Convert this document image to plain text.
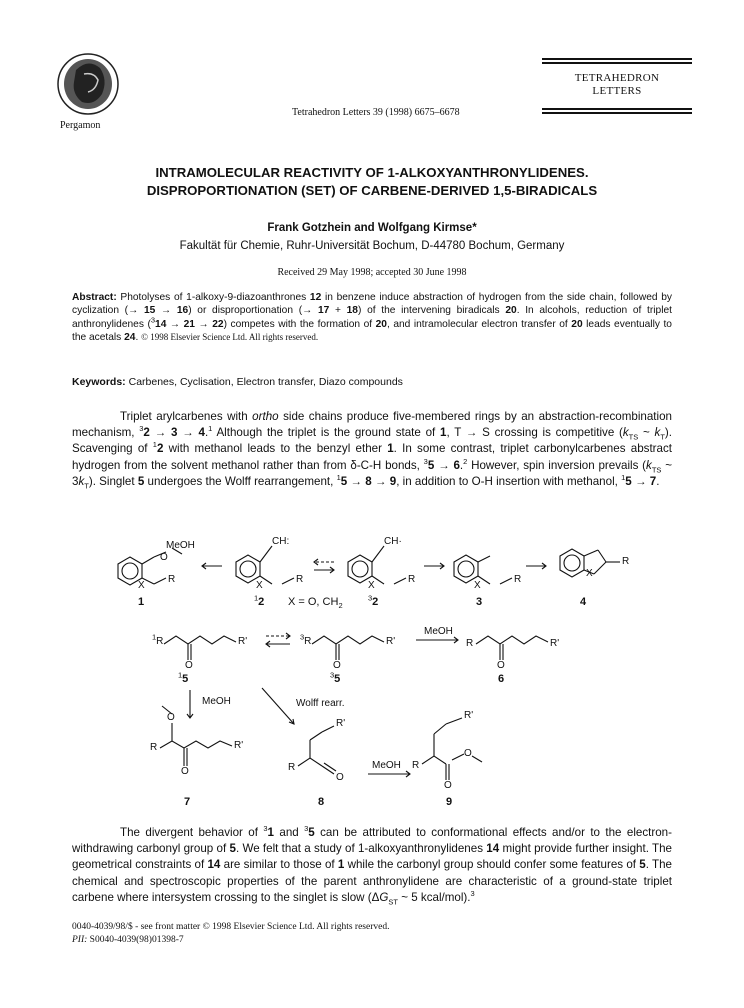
Pergamon
Tetrahedron Letters 39 (1998) 6675–6678
TETRAHEDRON
LETTERS
INTRAMOLECULAR REACTIVITY OF 1-ALKOXYANTHRONYLIDENES.
DISPROPORTIONATION (SET) OF CARBENE-DERIVED 1,5-BIRADICALS
Frank Gotzhein and Wolfgang Kirmse*
Fakultät für Chemie, Ruhr-Universität Bochum, D-44780 Bochum, Germany
Received 29 May 1998; accepted 30 June 1998
Abstract: Photolyses of 1-alkoxy-9-diazoanthrones 12 in benzene induce abstraction of hydrogen from the side chain, followed by cyclization (→ 15 → 16) or disproportionation (→ 17 + 18) of the intervening biradicals 20. In alcohols, reduction of triplet anthronylidenes ($^3$14 → 21 → 22) competes with the formation of 20, and intramolecular electron transfer of 20 leads eventually to the acetals 24. © 1998 Elsevier Science Ltd. All rights reserved.
Keywords: Carbenes, Cyclisation, Electron transfer, Diazo compounds
Triplet arylcarbenes with ortho side chains produce five-membered rings by an abstraction-recombination mechanism, $^3$2 → 3 → 4.$^1$ Although the triplet is the ground state of 1, T → S crossing is competitive ($k_{TS}$ ~ $k_T$). Scavenging of $^1$2 with methanol leads to the benzyl ether 1. In some contrast, triplet carbonylcarbenes abstract hydrogen from the solvent methanol rather than from δ-C-H bonds, $^3$5 → 6.$^2$ However, spin inversion prevails ($k_{TS}$ ~ $3k_T$). Singlet 5 undergoes the Wolff rearrangement, $^1$5 → 8 → 9, in addition to O-H insertion with methanol, $^1$5 → 7.
MeOH
O
X
R
CH:
X
R
CH·
X
R
X
R
X
R
1	$^1$2 X = O, $CH_2$
$^3$2	3	4
$^1$R	R'
O
$^3$R	R'
O
MeOH
R	R'
O
$^1$5	$^3$5	6
MeOH	Wolff rearr.
MeOH
O
R	R'
O
R'
R
O
R'
R
O
O
7	8	9
The divergent behavior of $^3$1 and $^3$5 can be attributed to conformational effects and/or to the electron-withdrawing carbonyl group of 5. We felt that a study of 1-alkoxyanthronylidenes 14 might provide further insight. The geometrical constraints of 14 are similar to those of 1 while the carbonyl group should confer some features of 5. The chemical and spectroscopic properties of the parent anthronylidene are characteristic of a ground-state triplet carbene where intersystem crossing to the singlet is slow ($\Delta G_{ST}$ ~ 5 kcal/mol).$^3$
0040-4039/98/$ - see front matter © 1998 Elsevier Science Ltd. All rights reserved.
PII: S0040-4039(98)01398-7
